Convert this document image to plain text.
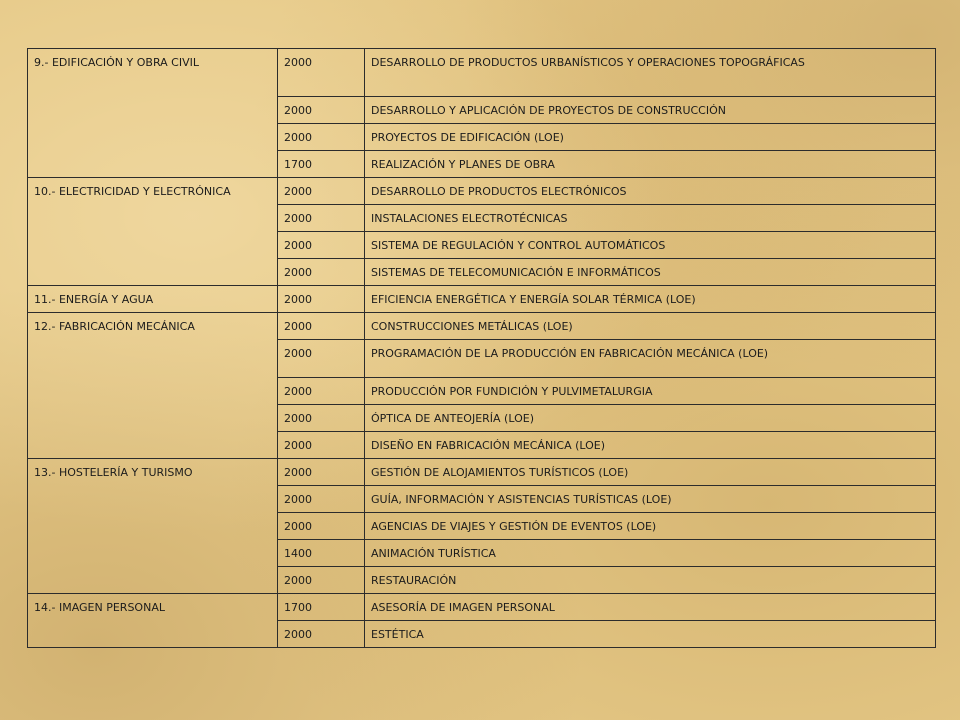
9.- EDIFICACIÓN Y OBRA CIVIL	2000	DESARROLLO DE PRODUCTOS URBANÍSTICOS Y OPERACIONES TOPOGRÁFICAS
	2000	DESARROLLO Y APLICACIÓN DE PROYECTOS DE CONSTRUCCIÓN
	2000	PROYECTOS DE EDIFICACIÓN (LOE)
	1700	REALIZACIÓN Y PLANES DE OBRA
10.- ELECTRICIDAD Y ELECTRÓNICA	2000	DESARROLLO DE PRODUCTOS ELECTRÓNICOS
	2000	INSTALACIONES ELECTROTÉCNICAS
	2000	SISTEMA DE REGULACIÓN Y CONTROL AUTOMÁTICOS
	2000	SISTEMAS DE TELECOMUNICACIÓN E INFORMÁTICOS
11.- ENERGÍA Y AGUA	2000	EFICIENCIA ENERGÉTICA Y ENERGÍA SOLAR TÉRMICA (LOE)
12.- FABRICACIÓN MECÁNICA	2000	CONSTRUCCIONES METÁLICAS (LOE)
	2000	PROGRAMACIÓN DE LA PRODUCCIÓN EN FABRICACIÓN MECÁNICA (LOE)
	2000	PRODUCCIÓN POR FUNDICIÓN Y PULVIMETALURGIA
	2000	ÓPTICA DE ANTEOJERÍA (LOE)
	2000	DISEÑO EN FABRICACIÓN MECÁNICA (LOE)
13.- HOSTELERÍA Y TURISMO	2000	GESTIÓN DE ALOJAMIENTOS TURÍSTICOS (LOE)
	2000	GUÍA, INFORMACIÓN Y ASISTENCIAS TURÍSTICAS (LOE)
	2000	AGENCIAS DE VIAJES Y GESTIÓN DE EVENTOS (LOE)
	1400	ANIMACIÓN TURÍSTICA
	2000	RESTAURACIÓN
14.- IMAGEN PERSONAL	1700	ASESORÍA DE IMAGEN PERSONAL
	2000	ESTÉTICA
